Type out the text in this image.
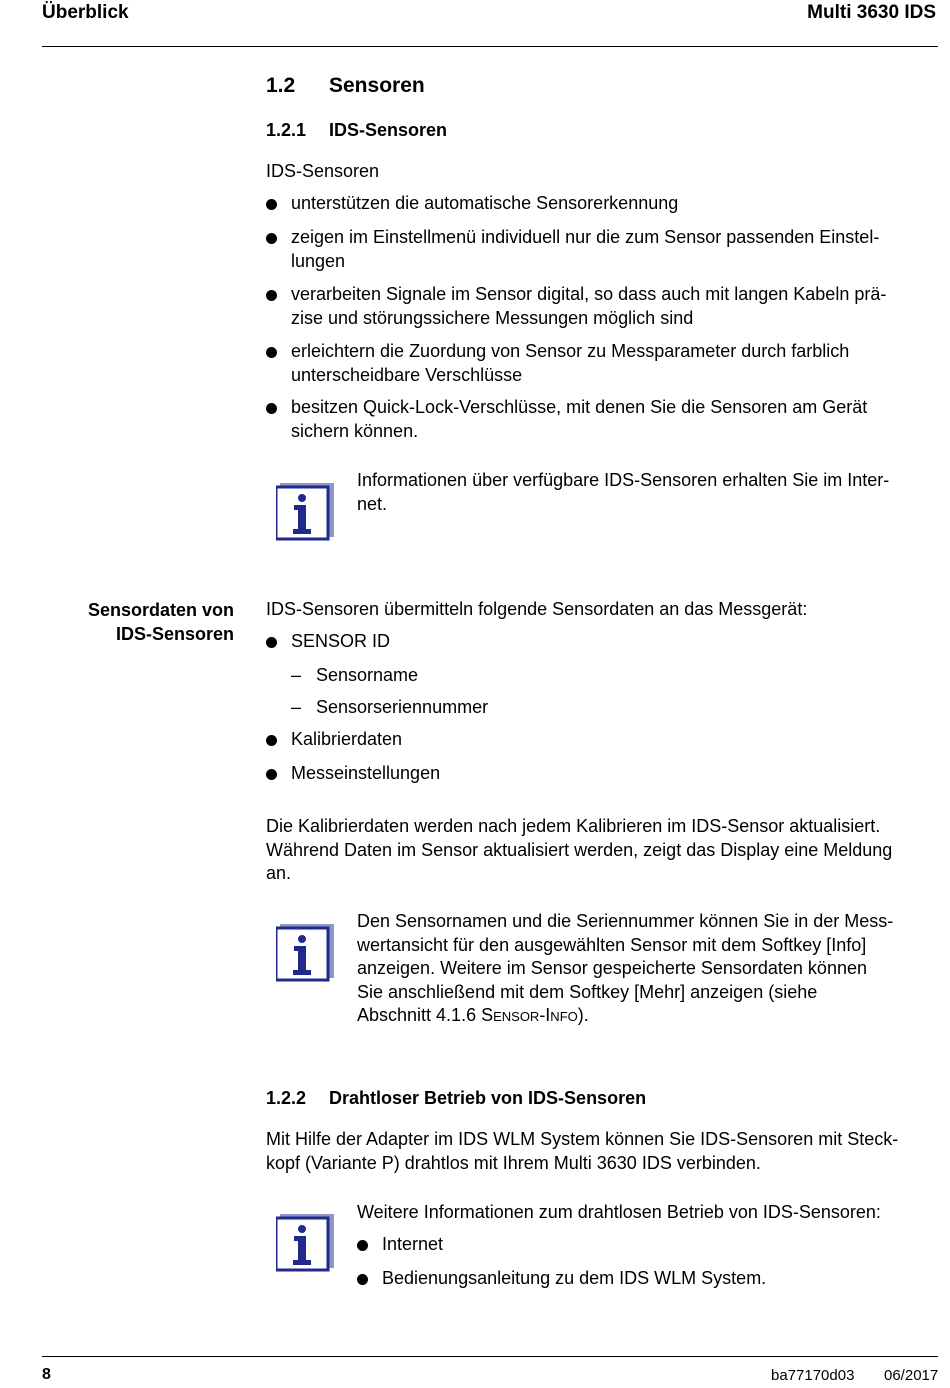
Überblick	Multi 3630 IDS
1.2 Sensoren
1.2.1 IDS-Sensoren
IDS-Sensoren
unterstützen die automatische Sensorerkennung
zeigen im Einstellmenü individuell nur die zum Sensor passenden Einstel-
lungen
verarbeiten Signale im Sensor digital, so dass auch mit langen Kabeln prä-
zise und störungssichere Messungen möglich sind
erleichtern die Zuordung von Sensor zu Messparameter durch farblich
unterscheidbare Verschlüsse
besitzen Quick-Lock-Verschlüsse, mit denen Sie die Sensoren am Gerät
sichern können.
Informationen über verfügbare IDS-Sensoren erhalten Sie im Inter-
net.
Sensordaten von
IDS-Sensoren
IDS-Sensoren übermitteln folgende Sensordaten an das Messgerät:
SENSOR ID
– Sensorname
– Sensorseriennummer
Kalibrierdaten
Messeinstellungen
Die Kalibrierdaten werden nach jedem Kalibrieren im IDS-Sensor aktualisiert.
Während Daten im Sensor aktualisiert werden, zeigt das Display eine Meldung
an.
Den Sensornamen und die Seriennummer können Sie in der Mess-
wertansicht für den ausgewählten Sensor mit dem Softkey [Info]
anzeigen. Weitere im Sensor gespeicherte Sensordaten können
Sie anschließend mit dem Softkey [Mehr] anzeigen (siehe
Abschnitt 4.1.6 Sensor-Info).
1.2.2 Drahtloser Betrieb von IDS-Sensoren
Mit Hilfe der Adapter im IDS WLM System können Sie IDS-Sensoren mit Steck-
kopf (Variante P) drahtlos mit Ihrem Multi 3630 IDS verbinden.
Weitere Informationen zum drahtlosen Betrieb von IDS-Sensoren:
Internet
Bedienungsanleitung zu dem IDS WLM System.
8	ba77170d03 06/2017
